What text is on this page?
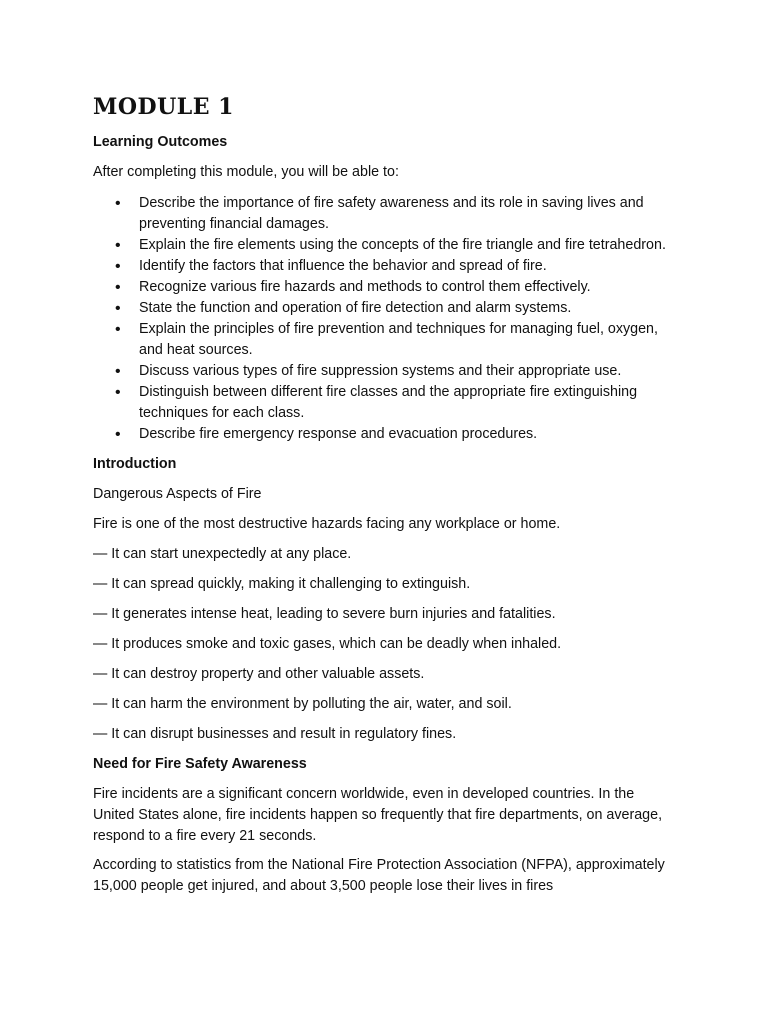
MODULE 1

Learning Outcomes

After completing this module, you will be able to:

• Describe the importance of fire safety awareness and its role in saving lives and preventing financial damages.
• Explain the fire elements using the concepts of the fire triangle and fire tetrahedron.
• Identify the factors that influence the behavior and spread of fire.
• Recognize various fire hazards and methods to control them effectively.
• State the function and operation of fire detection and alarm systems.
• Explain the principles of fire prevention and techniques for managing fuel, oxygen, and heat sources.
• Discuss various types of fire suppression systems and their appropriate use.
• Distinguish between different fire classes and the appropriate fire extinguishing techniques for each class.
• Describe fire emergency response and evacuation procedures.

Introduction

Dangerous Aspects of Fire

Fire is one of the most destructive hazards facing any workplace or home.

— It can start unexpectedly at any place.

— It can spread quickly, making it challenging to extinguish.

— It generates intense heat, leading to severe burn injuries and fatalities.

— It produces smoke and toxic gases, which can be deadly when inhaled.

— It can destroy property and other valuable assets.

— It can harm the environment by polluting the air, water, and soil.

— It can disrupt businesses and result in regulatory fines.

Need for Fire Safety Awareness

Fire incidents are a significant concern worldwide, even in developed countries. In the United States alone, fire incidents happen so frequently that fire departments, on average, respond to a fire every 21 seconds.

According to statistics from the National Fire Protection Association (NFPA), approximately 15,000 people get injured, and about 3,500 people lose their lives in fires
